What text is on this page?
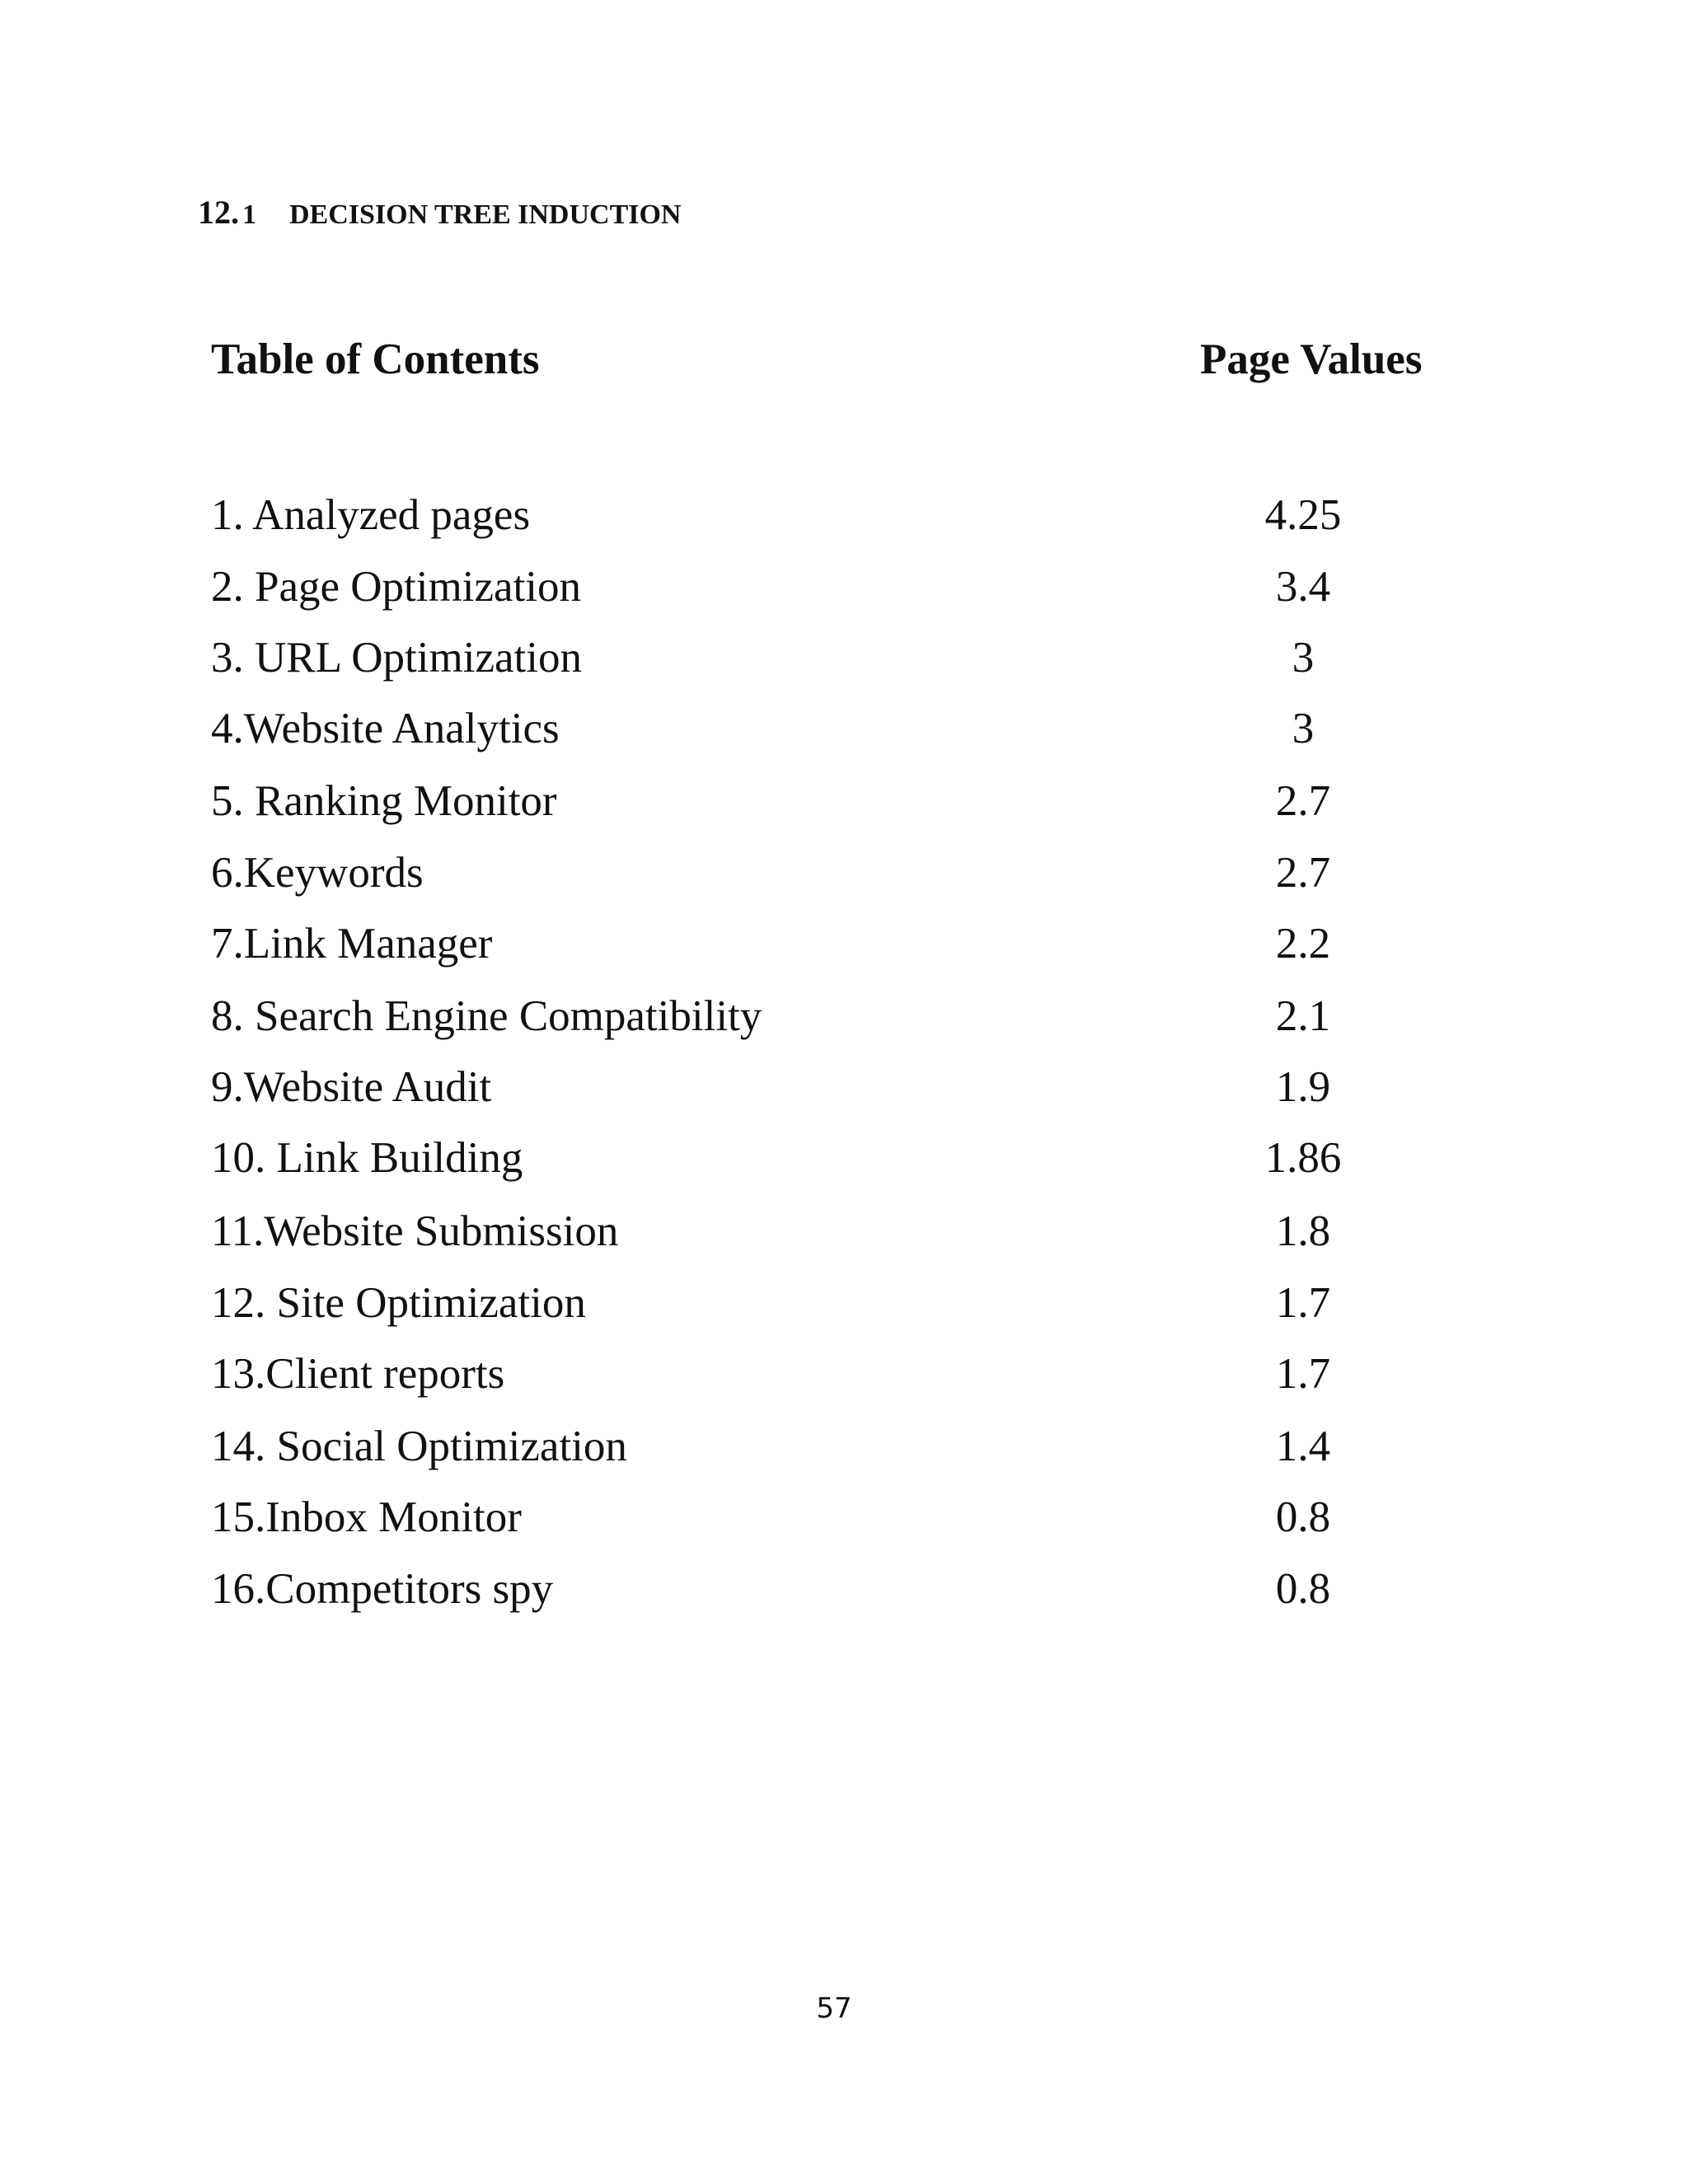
12. 1 DECISION TREE INDUCTION
Table of Contents	Page Values
1. Analyzed pages	4.25
2. Page Optimization	3.4
3. URL Optimization	3
4.Website Analytics	3
5. Ranking Monitor	2.7
6.Keywords	2.7
7.Link Manager	2.2
8. Search Engine Compatibility	2.1
9.Website Audit	1.9
10. Link Building	1.86
11.Website Submission	1.8
12. Site Optimization	1.7
13.Client reports	1.7
14. Social Optimization	1.4
15.Inbox Monitor	0.8
16.Competitors spy	0.8
57
